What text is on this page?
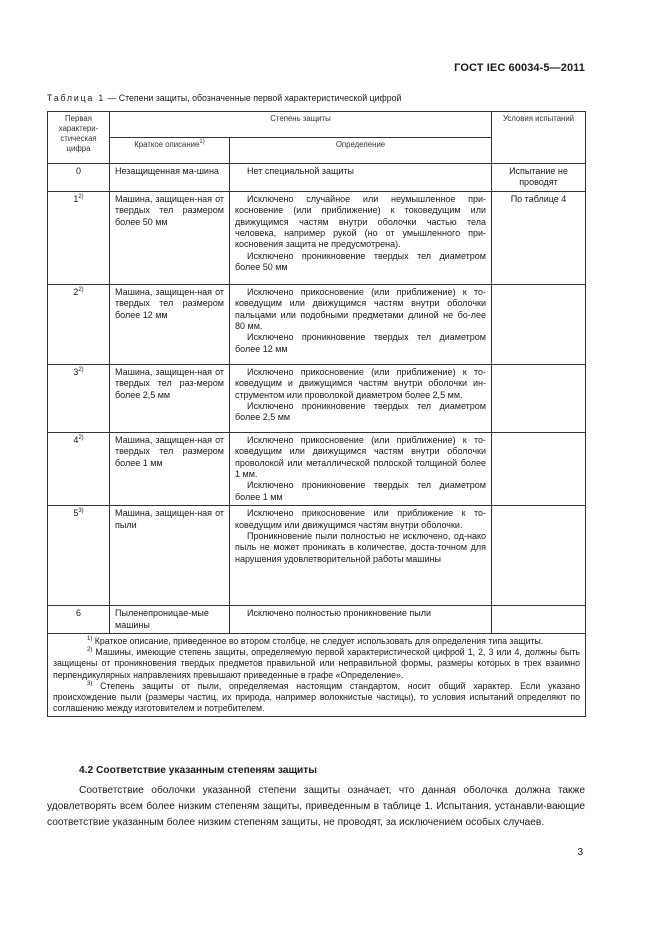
ГОСТ IEC 60034-5—2011
Таблица 1 — Степени защиты, обозначенные первой характеристической цифрой
Первая характери-стическая цифра	Степень защиты		Условия испытаний
	Краткое описание$^{1)}$	Определение	
0	Незащищенная ма-шина	Нет специальной защиты	Испытание не проводят
1$^{2)}$	Машина, защищен-ная от твердых тел размером более 50 мм	Исключено случайное или неумышленное при-косновение (или приближение) к токоведущим или движущимся частям внутри оболочки частью тела человека, например рукой (но от умышленного при-косновения защита не предусмотрена).

Исключено проникновение твердых тел диаметром более 50 мм	По таблице 4
2$^{2)}$	Машина, защищен-ная от твердых тел размером более 12 мм	Исключено прикосновение (или приближение) к то-коведущим или движущимся частям внутри оболочки пальцами или подобными предметами длиной не бо-лее 80 мм.

Исключено проникновение твердых тел диаметром более 12 мм	

3$^{2)}$	Машина, защищен-ная от твердых тел раз-мером более 2,5 мм	Исключено прикосновение (или приближение) к то-коведущим и движущимся частям внутри оболочки ин-струментом или проволокой диаметром более 2,5 мм.

Исключено проникновение твердых тел диаметром более 2,5 мм	

4$^{2)}$	Машина, защищен-ная от твердых тел размером более 1 мм	Исключено прикосновение (или приближение) к то-коведущим или движущимся частям внутри оболочки проволокой или металлической полоской толщиной более 1 мм.

Исключено проникновение твердых тел диаметром более 1 мм	

5$^{3)}$	Машина, защищен-ная от пыли	Исключено прикосновение или приближение к то-коведущим или движущимся частям внутри оболочки.

Проникновение пыли полностью не исключено, од-нако пыль не может проникать в количестве, доста-точном для нарушения удовлетворительной работы машины	

6	Пыленепроницае-мые машины	Исключено полностью проникновение пыли	

$^{1)}$ Краткое описание, приведенное во втором столбце, не следует использовать для определения типа защиты.

$^{2)}$ Машины, имеющие степень защиты, определяемую первой характеристической цифрой 1, 2, 3 или 4, должны быть защищены от проникновения твердых предметов правильной или неправильной формы, размеры которых в трех взаимно перпендикулярных направлениях превышают приведенные в графе «Определение».

$^{3)}$ Степень защиты от пыли, определяемая настоящим стандартом, носит общий характер. Если указано происхождение пыли (размеры частиц, их природа, например волокнистые частицы), то условия испытаний определяют по соглашению между изготовителем и потребителем.			

4.2 Соответствие указанным степеням защиты

Соответствие оболочки указанной степени защиты означает, что данная оболочка должна также удовлетворять всем более низким степеням защиты, приведенным в таблице 1. Испытания, устанавли-вающие соответствие указанным более низким степеням защиты, не проводят, за исключением особых случаев.

3
